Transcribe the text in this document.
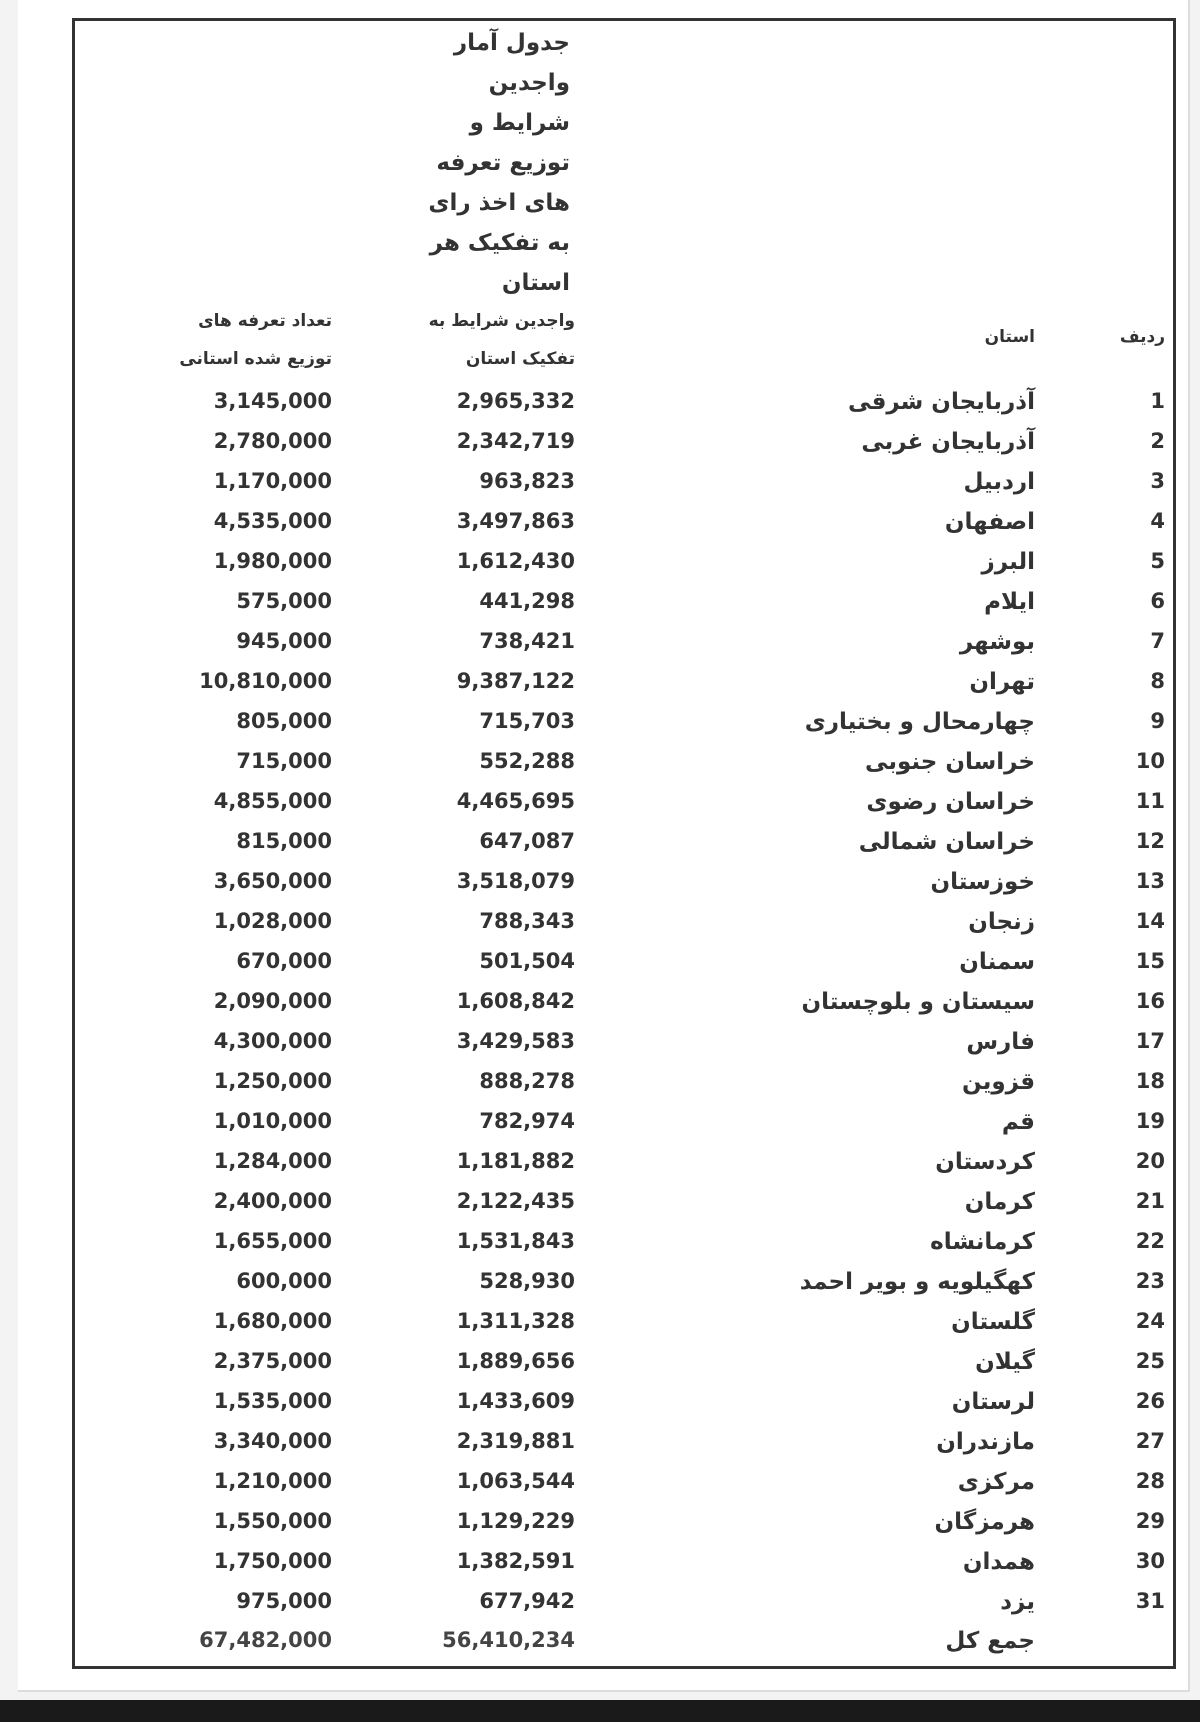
جدول آمار
واجدین
شرایط و
توزیع تعرفه
های اخذ رای
به تفکیک هر
استان
ردیف
استان
واجدین شرایط به
تفکیک استان
تعداد تعرفه های
توزیع شده استانی
1
آذربایجان شرقی
2,965,332
3,145,000
2
آذربایجان غربی
2,342,719
2,780,000
3
اردبیل
963,823
1,170,000
4
اصفهان
3,497,863
4,535,000
5
البرز
1,612,430
1,980,000
6
ایلام
441,298
575,000
7
بوشهر
738,421
945,000
8
تهران
9,387,122
10,810,000
9
چهارمحال و بختیاری
715,703
805,000
10
خراسان جنوبی
552,288
715,000
11
خراسان رضوی
4,465,695
4,855,000
12
خراسان شمالی
647,087
815,000
13
خوزستان
3,518,079
3,650,000
14
زنجان
788,343
1,028,000
15
سمنان
501,504
670,000
16
سیستان و بلوچستان
1,608,842
2,090,000
17
فارس
3,429,583
4,300,000
18
قزوین
888,278
1,250,000
19
قم
782,974
1,010,000
20
کردستان
1,181,882
1,284,000
21
کرمان
2,122,435
2,400,000
22
کرمانشاه
1,531,843
1,655,000
23
کهگیلویه و بویر احمد
528,930
600,000
24
گلستان
1,311,328
1,680,000
25
گیلان
1,889,656
2,375,000
26
لرستان
1,433,609
1,535,000
27
مازندران
2,319,881
3,340,000
28
مرکزی
1,063,544
1,210,000
29
هرمزگان
1,129,229
1,550,000
30
همدان
1,382,591
1,750,000
31
یزد
677,942
975,000
جمع کل
56,410,234
67,482,000
